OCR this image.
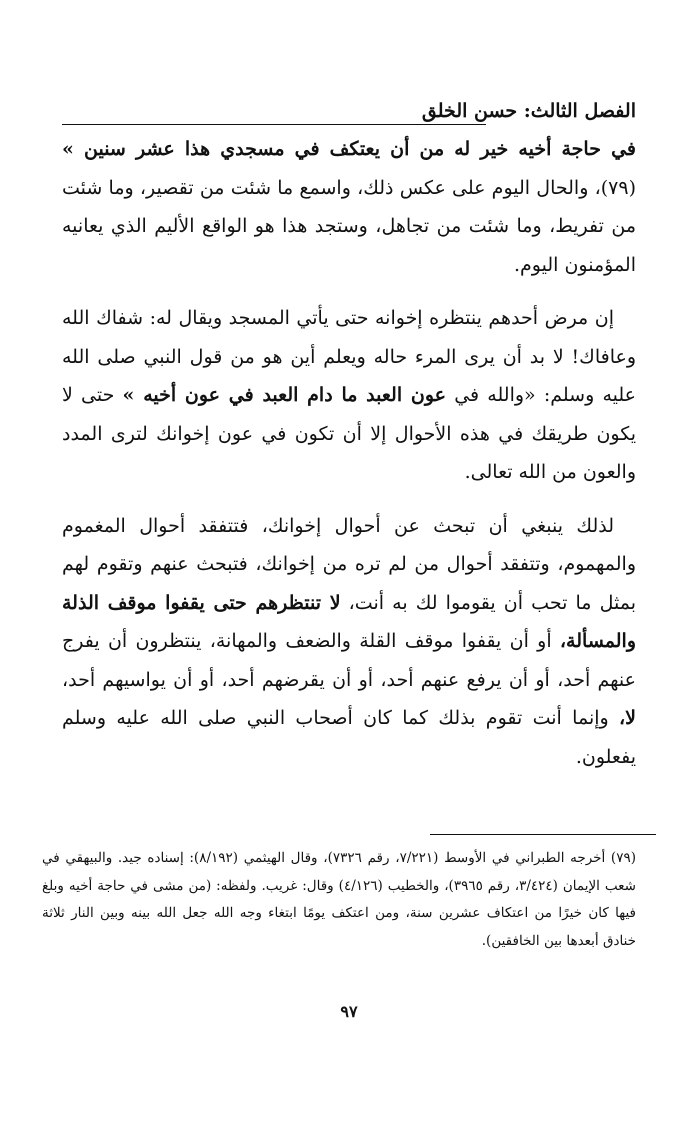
الفصل الثالث: حسن الخلق

في حاجة أخيه خير له من أن يعتكف في مسجدي هذا عشر سنين » (٧٩)، والحال اليوم على عكس ذلك، واسمع ما شئت من تقصير، وما شئت من تفريط، وما شئت من تجاهل، وستجد هذا هو الواقع الأليم الذي يعانيه المؤمنون اليوم.

إن مرض أحدهم ينتظره إخوانه حتى يأتي المسجد ويقال له: شفاك الله وعافاك! لا بد أن يرى المرء حاله ويعلم أين هو من قول النبي صلى الله عليه وسلم: «والله في عون العبد ما دام العبد في عون أخيه » حتى لا يكون طريقك في هذه الأحوال إلا أن تكون في عون إخوانك لترى المدد والعون من الله تعالى.

لذلك ينبغي أن تبحث عن أحوال إخوانك، فتتفقد أحوال المغموم والمهموم، وتتفقد أحوال من لم تره من إخوانك، فتبحث عنهم وتقوم لهم بمثل ما تحب أن يقوموا لك به أنت، لا تنتظرهم حتى يقفوا موقف الذلة والمسألة، أو أن يقفوا موقف القلة والضعف والمهانة، ينتظرون أن يفرج عنهم أحد، أو أن يرفع عنهم أحد، أو أن يقرضهم أحد، أو أن يواسيهم أحد، لا، وإنما أنت تقوم بذلك كما كان أصحاب النبي صلى الله عليه وسلم يفعلون.

(٧٩) أخرجه الطبراني في الأوسط (٧/٢٢١، رقم ٧٣٢٦)، وقال الهيثمي (٨/١٩٢): إسناده جيد. والبيهقي في شعب الإيمان (٣/٤٢٤، رقم ٣٩٦٥)، والخطيب (٤/١٢٦) وقال: غريب. ولفظه: (من مشى في حاجة أخيه وبلغ فيها كان خيرًا من اعتكاف عشرين سنة، ومن اعتكف يومًا ابتغاء وجه الله جعل الله بينه وبين النار ثلاثة خنادق أبعدها بين الخافقين).

٩٧
